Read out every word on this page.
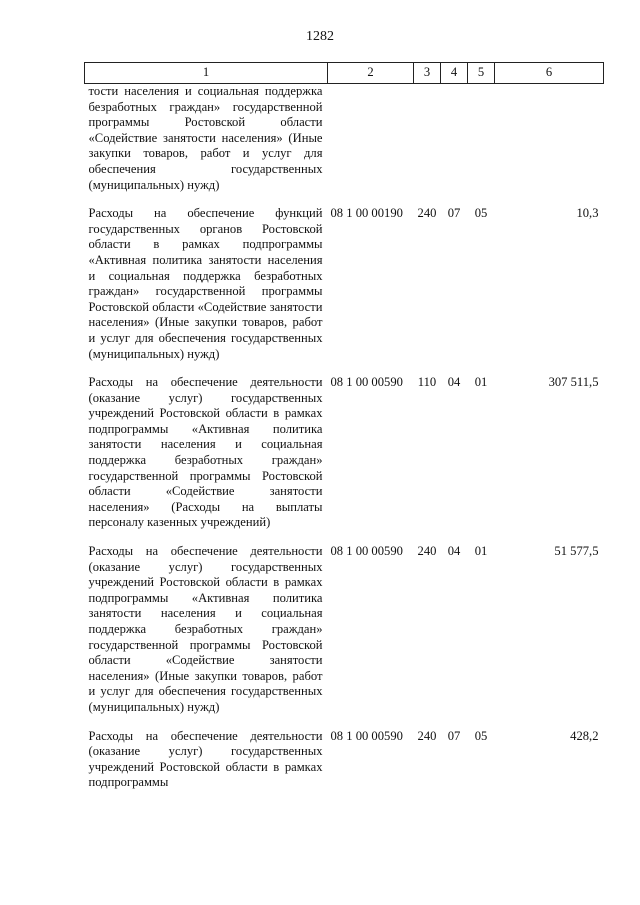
1282
1	2	3	4	5	6
тости населения и социальная поддержка безработных граждан» государственной программы Ростовской области «Содействие занятости населения» (Иные закупки товаров, работ и услуг для обеспечения государственных (муниципальных) нужд)					

Расходы на обеспечение функций государственных органов Ростовской области в рамках подпрограммы «Активная политика занятости населения и социальная поддержка безработных граждан» государственной программы Ростовской области «Содействие занятости населения» (Иные закупки товаров, работ и услуг для обеспечения государственных (муниципальных) нужд)	08 1 00 00190	240	07	05	10,3

Расходы на обеспечение деятельности (оказание услуг) государственных учреждений Ростовской области в рамках подпрограммы «Активная политика занятости населения и социальная поддержка безработных граждан» государственной программы Ростовской области «Содействие занятости населения» (Расходы на выплаты персоналу казенных учреждений)	08 1 00 00590	110	04	01	307 511,5

Расходы на обеспечение деятельности (оказание услуг) государственных учреждений Ростовской области в рамках подпрограммы «Активная политика занятости населения и социальная поддержка безработных граждан» государственной программы Ростовской области «Содействие занятости населения» (Иные закупки товаров, работ и услуг для обеспечения государственных (муниципальных) нужд)	08 1 00 00590	240	04	01	51 577,5

Расходы на обеспечение деятельности (оказание услуг) государственных учреждений Ростовской области в рамках подпрограммы	08 1 00 00590	240	07	05	428,2
